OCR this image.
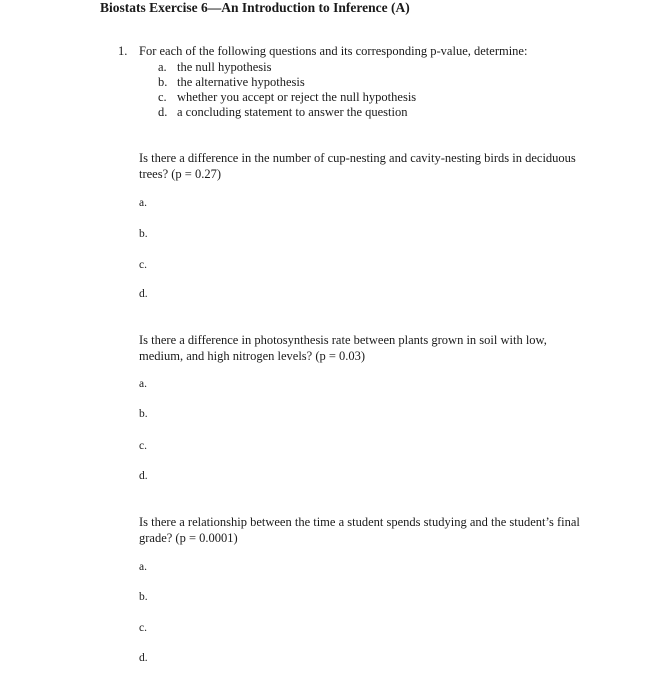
Biostats Exercise 6—An Introduction to Inference (A)
1. For each of the following questions and its corresponding p-value, determine:
a. the null hypothesis
b. the alternative hypothesis
c. whether you accept or reject the null hypothesis
d. a concluding statement to answer the question
Is there a difference in the number of cup-nesting and cavity-nesting birds in deciduous trees? (p = 0.27)
a.
b.
c.
d.
Is there a difference in photosynthesis rate between plants grown in soil with low, medium, and high nitrogen levels? (p = 0.03)
a.
b.
c.
d.
Is there a relationship between the time a student spends studying and the student’s final grade? (p = 0.0001)
a.
b.
c.
d.
